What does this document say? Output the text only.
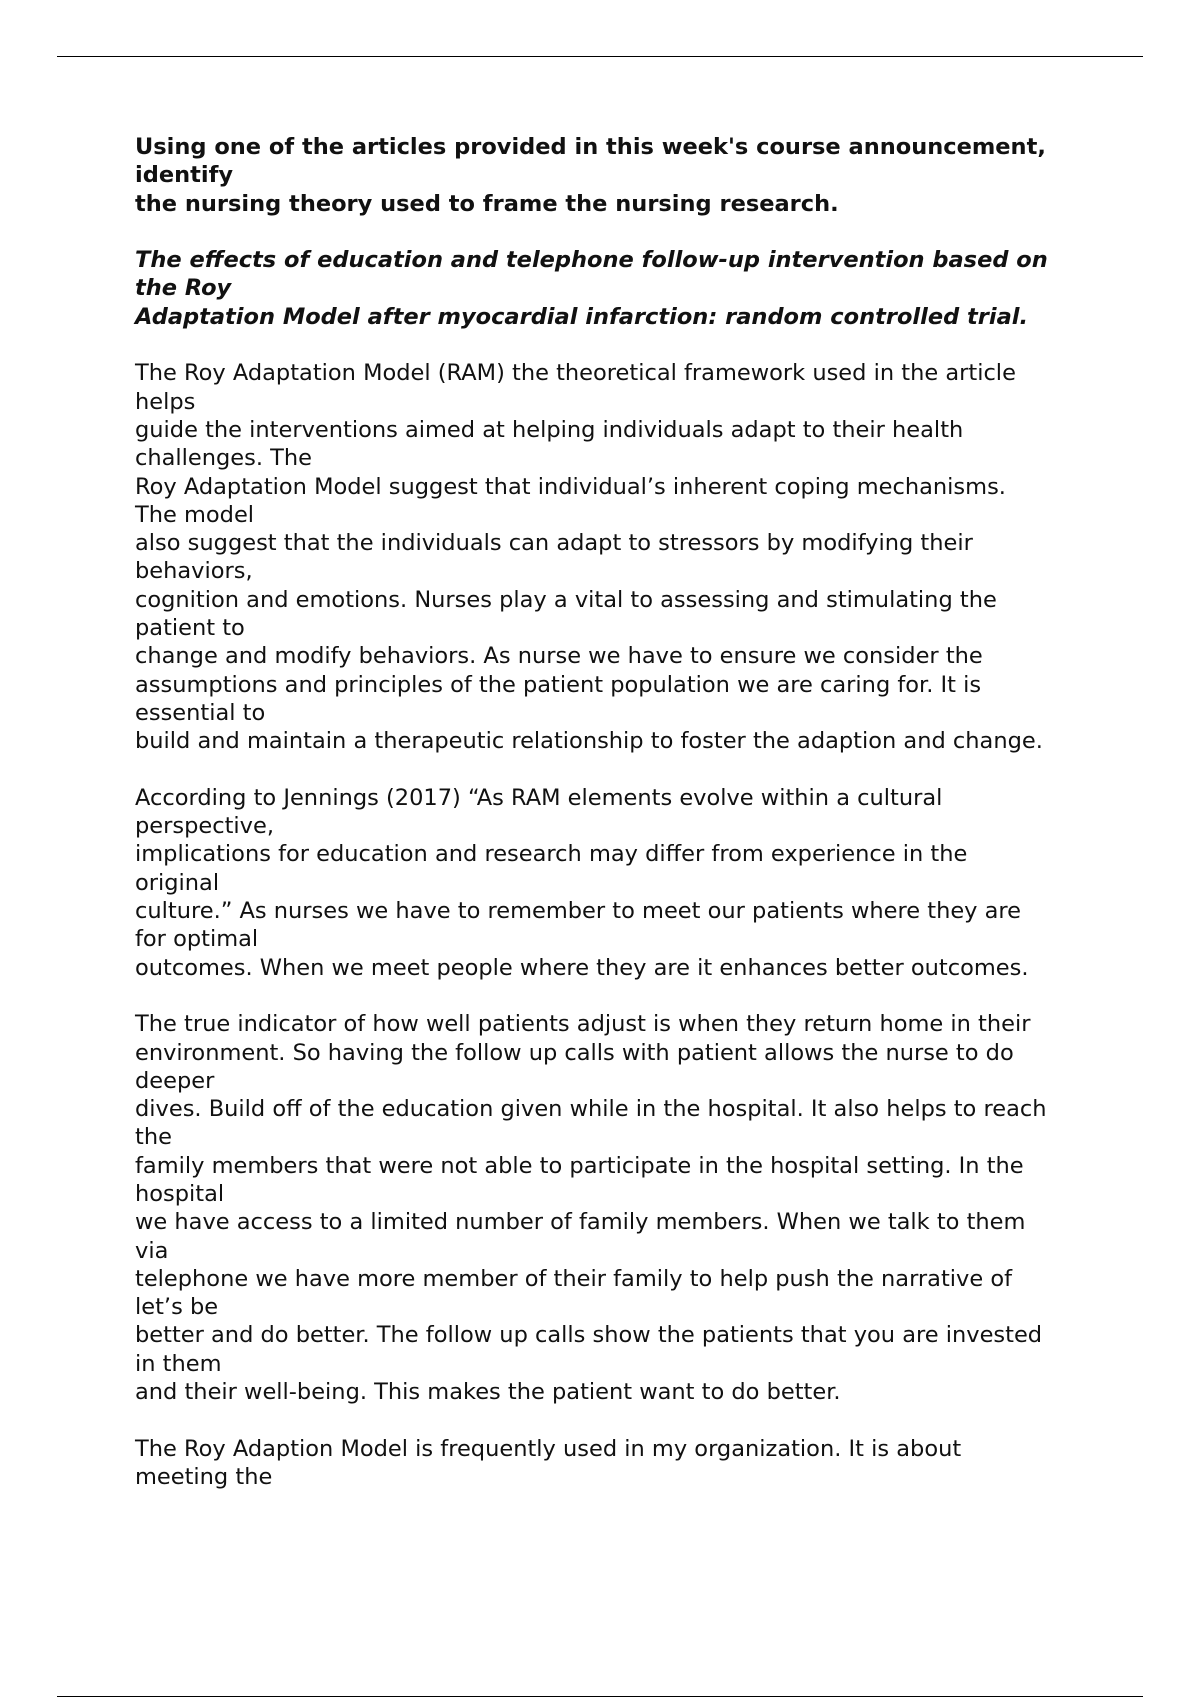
Using one of the articles provided in this week's course announcement,
identify
the nursing theory used to frame the nursing research.
The effects of education and telephone follow-up intervention based on
the Roy
Adaptation Model after myocardial infarction: random controlled trial.
The Roy Adaptation Model (RAM) the theoretical framework used in the article
helps
guide the interventions aimed at helping individuals adapt to their health
challenges. The
Roy Adaptation Model suggest that individual’s inherent coping mechanisms.
The model
also suggest that the individuals can adapt to stressors by modifying their
behaviors,
cognition and emotions. Nurses play a vital to assessing and stimulating the
patient to
change and modify behaviors. As nurse we have to ensure we consider the
assumptions and principles of the patient population we are caring for. It is
essential to
build and maintain a therapeutic relationship to foster the adaption and change.
According to Jennings (2017) “As RAM elements evolve within a cultural
perspective,
implications for education and research may differ from experience in the
original
culture.” As nurses we have to remember to meet our patients where they are
for optimal
outcomes. When we meet people where they are it enhances better outcomes.
The true indicator of how well patients adjust is when they return home in their
environment. So having the follow up calls with patient allows the nurse to do
deeper
dives. Build off of the education given while in the hospital. It also helps to reach
the
family members that were not able to participate in the hospital setting. In the
hospital
we have access to a limited number of family members. When we talk to them
via
telephone we have more member of their family to help push the narrative of
let’s be
better and do better. The follow up calls show the patients that you are invested
in them
and their well-being. This makes the patient want to do better.
The Roy Adaption Model is frequently used in my organization. It is about
meeting the
